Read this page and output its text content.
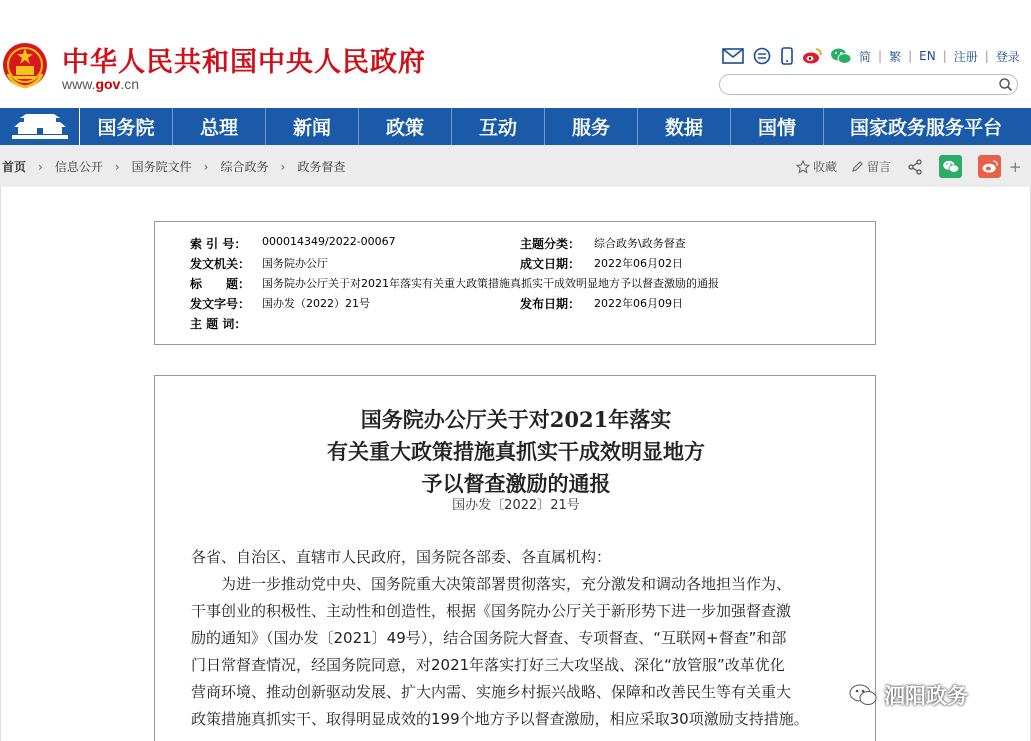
中华人民共和国中央人民政府
www.gov.cn
简 | 繁 | EN | 注册 | 登录
国务院	总理	新闻	政策	互动	服务	数据	国情	国家政务服务平台
首页 › 信息公开 › 国务院文件 › 综合政务 › 政务督查	收藏	留言	+
索 引 号：	000014349/2022-00067	主题分类：	综合政务\政务督查
发文机关：	国务院办公厅	成文日期：	2022年06月02日
标　　题：	国务院办公厅关于对2021年落实有关重大政策措施真抓实干成效明显地方予以督查激励的通报
发文字号：	国办发（2022）21号	发布日期：	2022年06月09日
主 题 词：
国务院办公厅关于对2021年落实
有关重大政策措施真抓实干成效明显地方
予以督查激励的通报
国办发〔2022〕21号
各省、自治区、直辖市人民政府，国务院各部委、各直属机构：
为进一步推动党中央、国务院重大决策部署贯彻落实，充分激发和调动各地担当作为、
干事创业的积极性、主动性和创造性，根据《国务院办公厅关于新形势下进一步加强督查激
励的通知》（国办发〔2021〕49号），结合国务院大督查、专项督查、“互联网+督查”和部
门日常督查情况，经国务院同意，对2021年落实打好三大攻坚战、深化“放管服”改革优化
营商环境、推动创新驱动发展、扩大内需、实施乡村振兴战略、保障和改善民生等有关重大
政策措施真抓实干、取得明显成效的199个地方予以督查激励，相应采取30项激励支持措施。
泗阳政务
